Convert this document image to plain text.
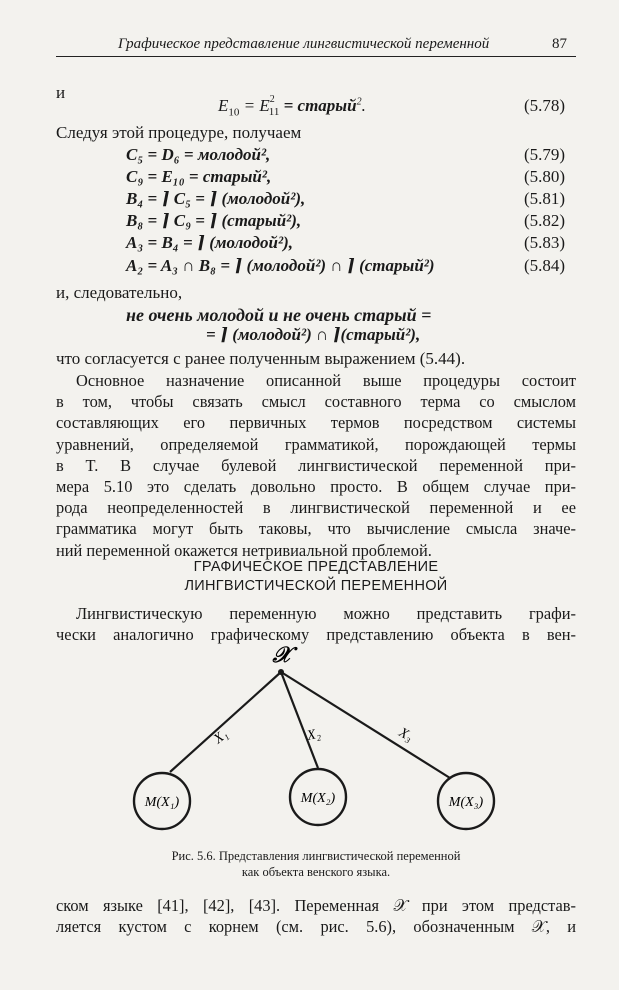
Графическое представление лингвистической переменной	87
и
$E_{10} = E^2_{11}$ = старый$^2$.	(5.78)
Следуя этой процедуре, получаем
C₅ = D₆ = молодой²,	(5.79)
C₉ = E₁₀ = старый²,	(5.80)
B₄ = ⌉ C₅ = ⌉ (молодой²),	(5.81)
B₈ = ⌉ C₉ = ⌉ (старый²),	(5.82)
A₃ = B₄ = ⌉ (молодой²),	(5.83)
A₂ = A₃ ∩ B₈ = ⌉ (молодой²) ∩ ⌉ (старый²)	(5.84)
и, следовательно,
не очень молодой и не очень старый =
= ⌉ (молодой²) ∩ ⌉(старый²),
что согласуется с ранее полученным выражением (5.44).
Основное назначение описанной выше процедуры состоит
в том, чтобы связать смысл составного терма со смыслом
составляющих его первичных термов посредством системы
уравнений, определяемой грамматикой, порождающей термы
в T. В случае булевой лингвистической переменной при-
мера 5.10 это сделать довольно просто. В общем случае при-
рода неопределенностей в лингвистической переменной и ее
грамматика могут быть таковы, что вычисление смысла значе-
ний переменной окажется нетривиальной проблемой.
ГРАФИЧЕСКОЕ ПРЕДСТАВЛЕНИЕ
ЛИНГВИСТИЧЕСКОЙ ПЕРЕМЕННОЙ
Лингвистическую переменную можно представить графи-
чески аналогично графическому представлению объекта в вен-
𝒳
X₁	X₂	X₃
M(X₁)	M(X₂)	M(X₃)
Рис. 5.6. Представления лингвистической переменной
как объекта венского языка.
ском языке [41], [42], [43]. Переменная 𝒳 при этом представ-
ляется кустом с корнем (см. рис. 5.6), обозначенным 𝒳, и
